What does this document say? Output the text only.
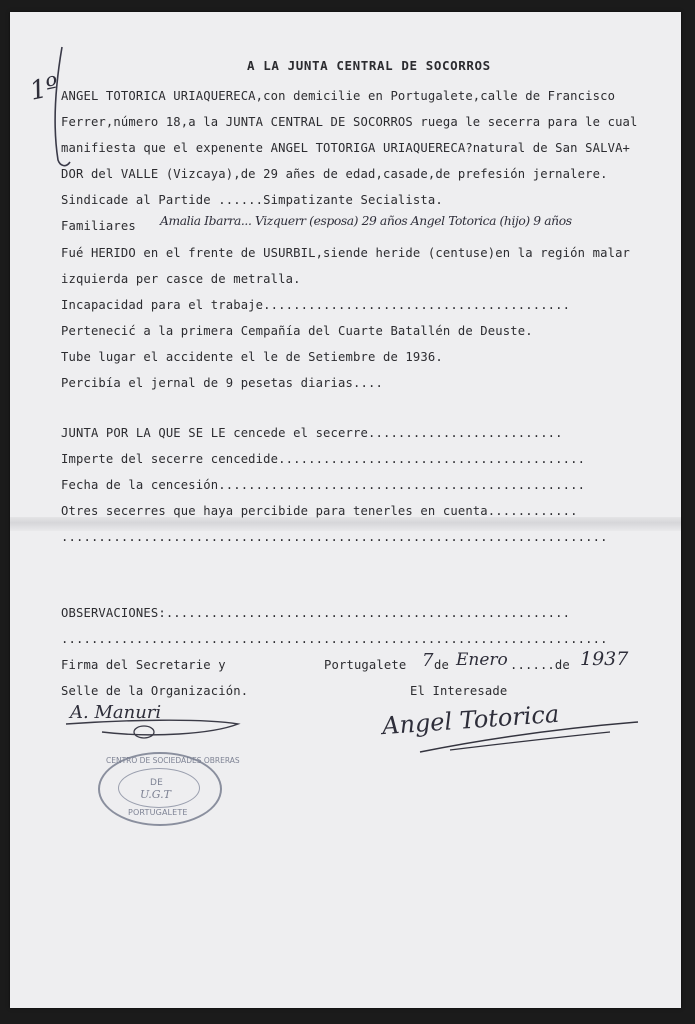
1º
A LA JUNTA CENTRAL DE SOCORROS
ANGEL TOTORICA URIAQUERECA,con demicilie en Portugalete,calle de Francisco
Ferrer,número 18,a la JUNTA CENTRAL DE SOCORROS ruega le secerra para le cual
manifiesta que el expenente ANGEL TOTORIGA URIAQUERECA?natural de San SALVA+
DOR del VALLE (Vizcaya),de 29 añes de edad,casade,de prefesión jernalere.
Sindicade al Partide ......Simpatizante Secialista.
Familiares Amalia Ibarra... Vizquerr (esposa) 29 años Angel Totorica (hijo) 9 años
Fué HERIDO en el frente de USURBIL,siende heride (centuse)en la región malar
izquierda per casce de metralla.
Incapacidad para el trabaje.........................................
Pertenecić a la primera Cempañía del Cuarte Batallén de Deuste.
Tube lugar el accidente el le de Setiembre de 1936.
Percibía el jernal de 9 pesetas diarias....
JUNTA POR LA QUE SE LE cencede el secerre..........................
Imperte del secerre cencedide.........................................
Fecha de la cencesión.................................................
Otres secerres que haya percibide para tenerles en cuenta............
.........................................................................
OBSERVACIONES:......................................................
.........................................................................
Firma del Secretarie y
Selle de la Organización.
Portugalete 7 de Enero ......de 1937
El Interesade
Angel Totorica
A. Manuri
CENTRO DE SOCIEDADES OBRERAS
DE
U.G.T
PORTUGALETE
